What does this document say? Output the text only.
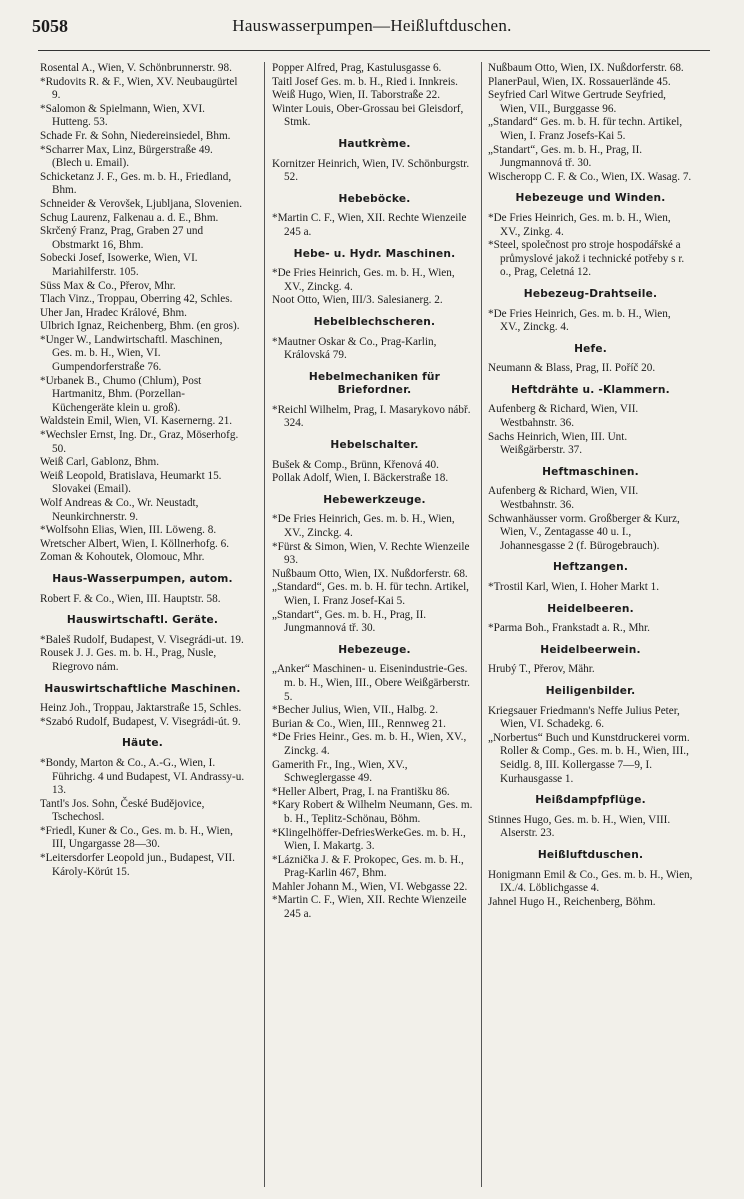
5058	Hauswasserpumpen—Heißluftduschen.

Rosental A., Wien, V. Schönbrunnerstr. 98.

*Rudovits R. & F., Wien, XV. Neubaugürtel 9.

*Salomon & Spielmann, Wien, XVI. Hutteng. 53.

Schade Fr. & Sohn, Niedereinsiedel, Bhm.

*Scharrer Max, Linz, Bürgerstraße 49. (Blech u. Email).

Schicketanz J. F., Ges. m. b. H., Friedland, Bhm.

Schneider & Verovšek, Ljubljana, Slovenien.

Schug Laurenz, Falkenau a. d. E., Bhm.

Skrčený Franz, Prag, Graben 27 und Obstmarkt 16, Bhm.

Sobecki Josef, Isowerke, Wien, VI. Mariahilferstr. 105.

Süss Max & Co., Přerov, Mhr.

Tlach Vinz., Troppau, Oberring 42, Schles.

Uher Jan, Hradec Králové, Bhm.

Ulbrich Ignaz, Reichenberg, Bhm. (en gros).

*Unger W., Landwirtschaftl. Maschinen, Ges. m. b. H., Wien, VI. Gumpendorferstraße 76.

*Urbanek B., Chumo (Chlum), Post Hartmanitz, Bhm. (Porzellan-Küchengeräte klein u. groß).

Waldstein Emil, Wien, VI. Kasernerng. 21.

*Wechsler Ernst, Ing. Dr., Graz, Möserhofg. 50.

Weiß Carl, Gablonz, Bhm.

Weiß Leopold, Bratislava, Heumarkt 15. Slovakei (Email).

Wolf Andreas & Co., Wr. Neustadt, Neunkirchnerstr. 9.

*Wolfsohn Elias, Wien, III. Löweng. 8.

Wretscher Albert, Wien, I. Köllnerhofg. 6.

Zoman & Kohoutek, Olomouc, Mhr.

Haus-Wasserpumpen, autom.

Robert F. & Co., Wien, III. Hauptstr. 58.

Hauswirtschaftl. Geräte.

*Baleš Rudolf, Budapest, V. Visegrádi-ut. 19.

Rousek J. J. Ges. m. b. H., Prag, Nusle, Riegrovo nám.

Hauswirtschaftliche Maschinen.

Heinz Joh., Troppau, Jaktarstraße 15, Schles.

*Szabó Rudolf, Budapest, V. Visegrádi-út. 9.

Häute.

*Bondy, Marton & Co., A.-G., Wien, I. Führichg. 4 und Budapest, VI. Andrassy-u. 13.

Tantl's Jos. Sohn, České Budějovice, Tschechosl.

*Friedl, Kuner & Co., Ges. m. b. H., Wien, III, Ungargasse 28—30.

*Leitersdorfer Leopold jun., Budapest, VII. Károly-Körút 15.

Popper Alfred, Prag, Kastulusgasse 6.

Taitl Josef Ges. m. b. H., Ried i. Innkreis.

Weiß Hugo, Wien, II. Taborstraße 22.

Winter Louis, Ober-Grossau bei Gleisdorf, Stmk.

Hautkrème.

Kornitzer Heinrich, Wien, IV. Schönburgstr. 52.

Hebeböcke.

*Martin C. F., Wien, XII. Rechte Wienzeile 245 a.

Hebe- u. Hydr. Maschinen.

*De Fries Heinrich, Ges. m. b. H., Wien, XV., Zinckg. 4.

Noot Otto, Wien, III/3. Salesianerg. 2.

Hebelblechscheren.

*Mautner Oskar & Co., Prag-Karlin, Královská 79.

Hebelmechaniken für Briefordner.

*Reichl Wilhelm, Prag, I. Masarykovo nábř. 324.

Hebelschalter.

Bušek & Comp., Brünn, Křenová 40.

Pollak Adolf, Wien, I. Bäckerstraße 18.

Hebewerkzeuge.

*De Fries Heinrich, Ges. m. b. H., Wien, XV., Zinckg. 4.

*Fürst & Simon, Wien, V. Rechte Wienzeile 93.

Nußbaum Otto, Wien, IX. Nußdorferstr. 68.

„Standard“, Ges. m. b. H. für techn. Artikel, Wien, I. Franz Josef-Kai 5.

„Standart“, Ges. m. b. H., Prag, II. Jungmannová tř. 30.

Hebezeuge.

„Anker“ Maschinen- u. Eisenindustrie-Ges. m. b. H., Wien, III., Obere Weißgärberstr. 5.

*Becher Julius, Wien, VII., Halbg. 2.

Burian & Co., Wien, III., Rennweg 21.

*De Fries Heinr., Ges. m. b. H., Wien, XV., Zinckg. 4.

Gamerith Fr., Ing., Wien, XV., Schweglergasse 49.

*Heller Albert, Prag, I. na Františku 86.

*Kary Robert & Wilhelm Neumann, Ges. m. b. H., Teplitz-Schönau, Böhm.

*Klingelhöffer-DefriesWerkeGes. m. b. H., Wien, I. Makartg. 3.

*Láznička J. & F. Prokopec, Ges. m. b. H., Prag-Karlin 467, Bhm.

Mahler Johann M., Wien, VI. Webgasse 22.

*Martin C. F., Wien, XII. Rechte Wienzeile 245 a.

Nußbaum Otto, Wien, IX. Nußdorferstr. 68.

PlanerPaul, Wien, IX. Rossauerlände 45.

Seyfried Carl Witwe Gertrude Seyfried, Wien, VII., Burggasse 96.

„Standard“ Ges. m. b. H. für techn. Artikel, Wien, I. Franz Josefs-Kai 5.

„Standart“, Ges. m. b. H., Prag, II. Jungmannová tř. 30.

Wischeropp C. F. & Co., Wien, IX. Wasag. 7.

Hebezeuge und Winden.

*De Fries Heinrich, Ges. m. b. H., Wien, XV., Zinkg. 4.

*Steel, společnost pro stroje hospodářské a průmyslové jakož i technické potřeby s r. o., Prag, Celetná 12.

Hebezeug-Drahtseile.

*De Fries Heinrich, Ges. m. b. H., Wien, XV., Zinckg. 4.

Hefe.

Neumann & Blass, Prag, II. Poříč 20.

Heftdrähte u. -Klammern.

Aufenberg & Richard, Wien, VII. Westbahnstr. 36.

Sachs Heinrich, Wien, III. Unt. Weißgärberstr. 37.

Heftmaschinen.

Aufenberg & Richard, Wien, VII. Westbahnstr. 36.

Schwanhäusser vorm. Großberger & Kurz, Wien, V., Zentagasse 40 u. I., Johannesgasse 2 (f. Bürogebrauch).

Heftzangen.

*Trostil Karl, Wien, I. Hoher Markt 1.

Heidelbeeren.

*Parma Boh., Frankstadt a. R., Mhr.

Heidelbeerwein.

Hrubý T., Přerov, Mähr.

Heiligenbilder.

Kriegsauer Friedmann's Neffe Julius Peter, Wien, VI. Schadekg. 6.

„Norbertus“ Buch und Kunstdruckerei vorm. Roller & Comp., Ges. m. b. H., Wien, III., Seidlg. 8, III. Kollergasse 7—9, I. Kurhausgasse 1.

Heißdampfpflüge.

Stinnes Hugo, Ges. m. b. H., Wien, VIII. Alserstr. 23.

Heißluftduschen.

Honigmann Emil & Co., Ges. m. b. H., Wien, IX./4. Löblichgasse 4.

Jahnel Hugo H., Reichenberg, Böhm.
